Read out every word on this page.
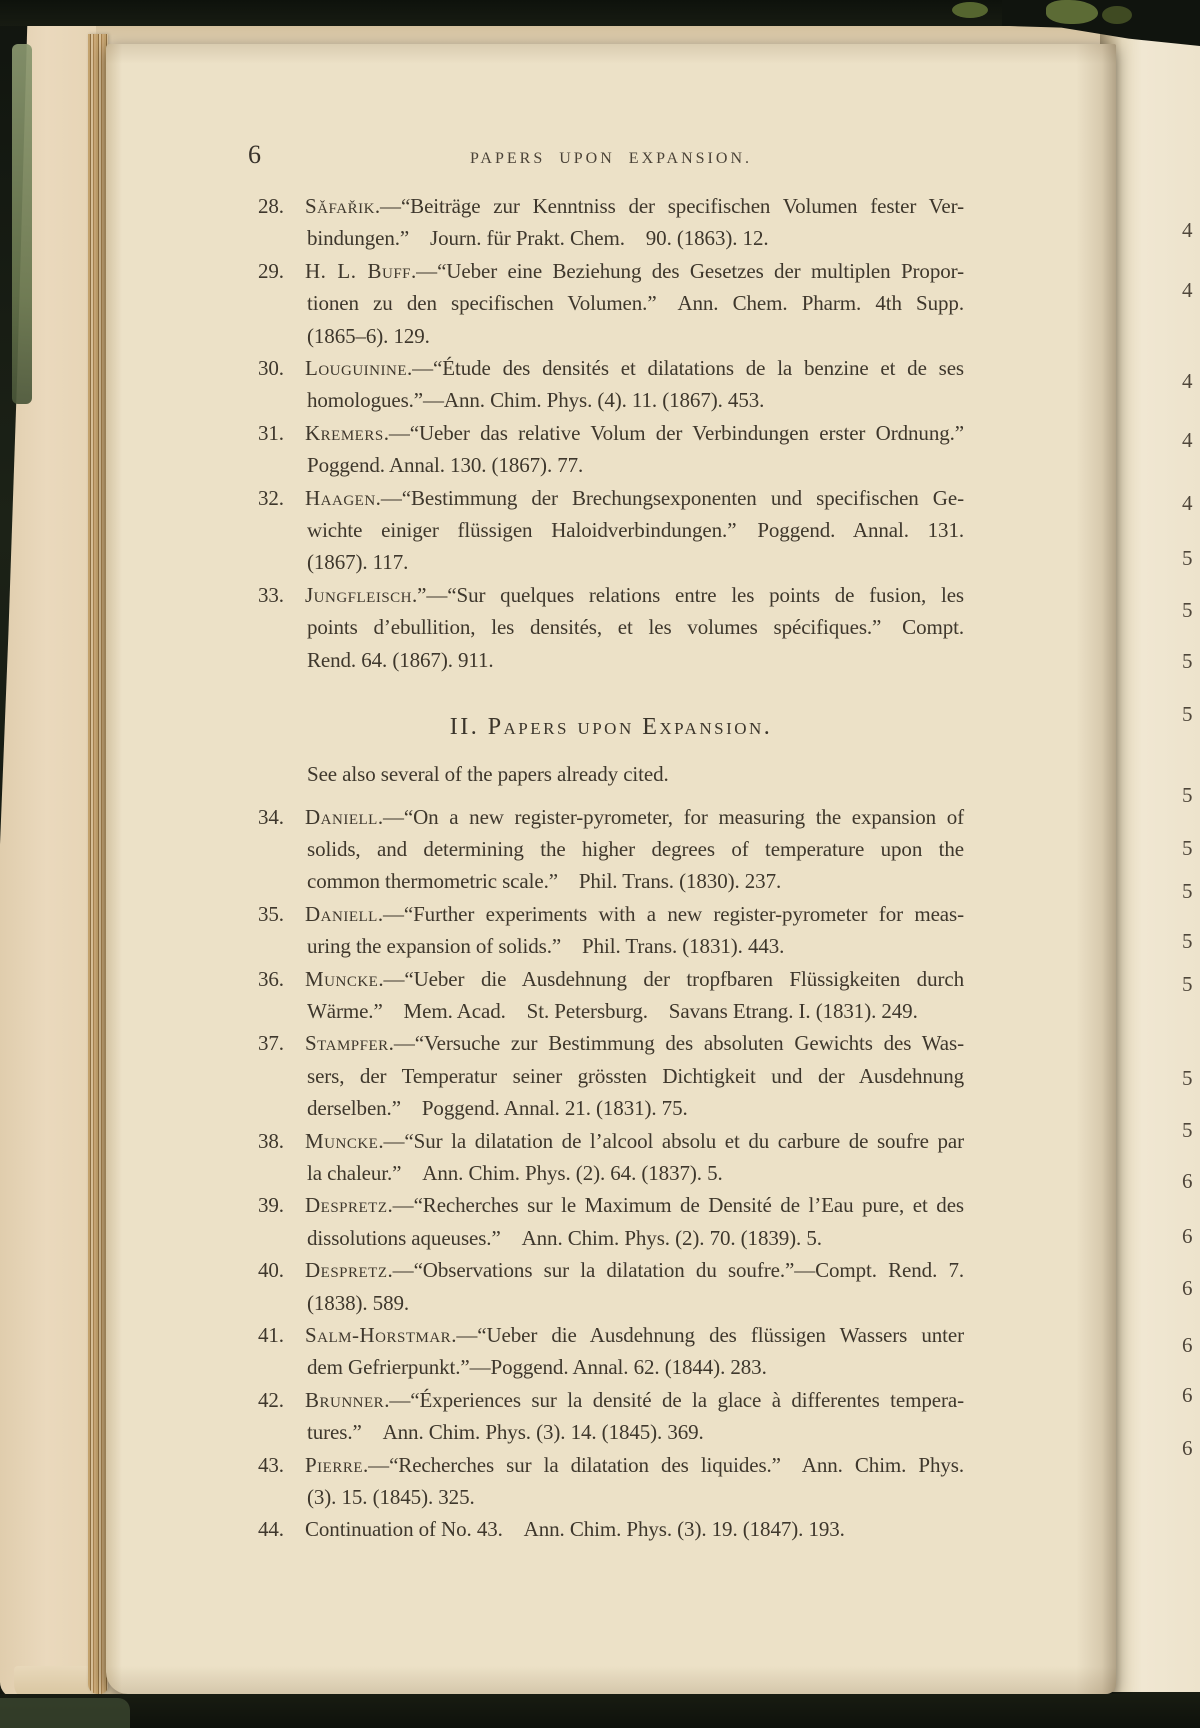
6	PAPERS UPON EXPANSION.
28. Sǎfařik.—“Beiträge zur Kenntniss der specifischen Volumen fester Ver-
bindungen.” Journ. für Prakt. Chem. 90. (1863). 12.
29. H. L. Buff.—“Ueber eine Beziehung des Gesetzes der multiplen Propor-
tionen zu den specifischen Volumen.” Ann. Chem. Pharm. 4th Supp.
(1865–6). 129.
30. Louguinine.—“Étude des densités et dilatations de la benzine et de ses
homologues.”—Ann. Chim. Phys. (4). 11. (1867). 453.
31. Kremers.—“Ueber das relative Volum der Verbindungen erster Ordnung.”
Poggend. Annal. 130. (1867). 77.
32. Haagen.—“Bestimmung der Brechungsexponenten und specifischen Ge-
wichte einiger flüssigen Haloidverbindungen.” Poggend. Annal. 131.
(1867). 117.
33. Jungfleisch.”—“Sur quelques relations entre les points de fusion, les
points d’ebullition, les densités, et les volumes spécifiques.” Compt.
Rend. 64. (1867). 911.
II. Papers upon Expansion.
See also several of the papers already cited.
34. Daniell.—“On a new register-pyrometer, for measuring the expansion of
solids, and determining the higher degrees of temperature upon the
common thermometric scale.” Phil. Trans. (1830). 237.
35. Daniell.—“Further experiments with a new register-pyrometer for meas-
uring the expansion of solids.” Phil. Trans. (1831). 443.
36. Muncke.—“Ueber die Ausdehnung der tropfbaren Flüssigkeiten durch
Wärme.” Mem. Acad. St. Petersburg. Savans Etrang. I. (1831). 249.
37. Stampfer.—“Versuche zur Bestimmung des absoluten Gewichts des Was-
sers, der Temperatur seiner grössten Dichtigkeit und der Ausdehnung
derselben.” Poggend. Annal. 21. (1831). 75.
38. Muncke.—“Sur la dilatation de l’alcool absolu et du carbure de soufre par
la chaleur.” Ann. Chim. Phys. (2). 64. (1837). 5.
39. Despretz.—“Recherches sur le Maximum de Densité de l’Eau pure, et des
dissolutions aqueuses.” Ann. Chim. Phys. (2). 70. (1839). 5.
40. Despretz.—“Observations sur la dilatation du soufre.”—Compt. Rend. 7.
(1838). 589.
41. Salm-Horstmar.—“Ueber die Ausdehnung des flüssigen Wassers unter
dem Gefrierpunkt.”—Poggend. Annal. 62. (1844). 283.
42. Brunner.—“Éxperiences sur la densité de la glace à differentes tempera-
tures.” Ann. Chim. Phys. (3). 14. (1845). 369.
43. Pierre.—“Recherches sur la dilatation des liquides.” Ann. Chim. Phys.
(3). 15. (1845). 325.
44. Continuation of No. 43. Ann. Chim. Phys. (3). 19. (1847). 193.
4
4
4
4
4
5
5
5
5
5
5
5
5
5
5
5
6
6
6
6
6
6
